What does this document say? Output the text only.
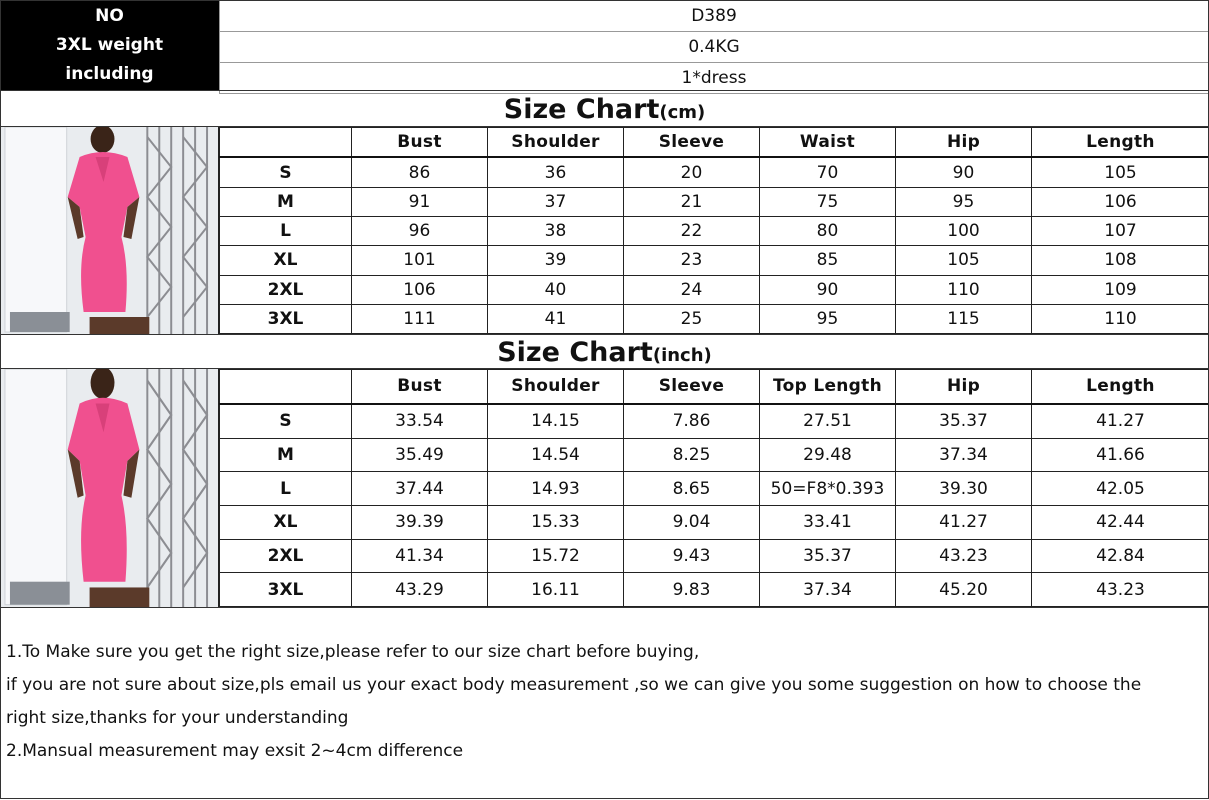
NO
3XL weight
including
D389
0.4KG
1*dress
Size Chart(cm)
	Bust	Shoulder	Sleeve	Waist	Hip	Length
S	86	36	20	70	90	105
M	91	37	21	75	95	106
L	96	38	22	80	100	107
XL	101	39	23	85	105	108
2XL	106	40	24	90	110	109
3XL	111	41	25	95	115	110
Size Chart(inch)
	Bust	Shoulder	Sleeve	Top Length	Hip	Length
S	33.54	14.15	7.86	27.51	35.37	41.27
M	35.49	14.54	8.25	29.48	37.34	41.66
L	37.44	14.93	8.65	50=F8*0.393	39.30	42.05
XL	39.39	15.33	9.04	33.41	41.27	42.44
2XL	41.34	15.72	9.43	35.37	43.23	42.84
3XL	43.29	16.11	9.83	37.34	45.20	43.23

1.To Make sure you get the right size,please refer to our size chart before buying,

if you are not sure about size,pls email us your exact body measurement ,so we can give you some suggestion on how to choose the

right size,thanks for your understanding

2.Mansual measurement may exsit 2~4cm difference
